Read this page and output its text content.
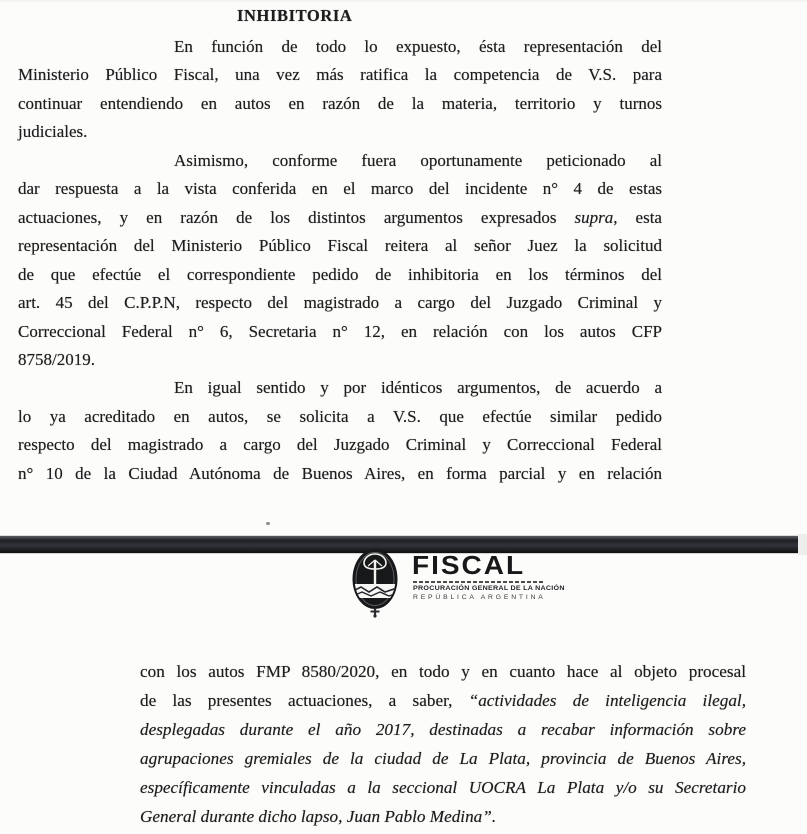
INHIBITORIA
En función de todo lo expuesto, ésta representación del
Ministerio Público Fiscal, una vez más ratifica la competencia de V.S. para
continuar entendiendo en autos en razón de la materia, territorio y turnos
judiciales.
Asimismo, conforme fuera oportunamente peticionado al
dar respuesta a la vista conferida en el marco del incidente n° 4 de estas
actuaciones, y en razón de los distintos argumentos expresados supra, esta
representación del Ministerio Público Fiscal reitera al señor Juez la solicitud
de que efectúe el correspondiente pedido de inhibitoria en los términos del
art. 45 del C.P.P.N, respecto del magistrado a cargo del Juzgado Criminal y
Correccional Federal n° 6, Secretaria n° 12, en relación con los autos CFP
8758/2019.
En igual sentido y por idénticos argumentos, de acuerdo a
lo ya acreditado en autos, se solicita a V.S. que efectúe similar pedido
respecto del magistrado a cargo del Juzgado Criminal y Correccional Federal
n° 10 de la Ciudad Autónoma de Buenos Aires, en forma parcial y en relación
FISCAL
PROCURACIÓN GENERAL DE LA NACIÓN
REPÚBLICA ARGENTINA
con los autos FMP 8580/2020, en todo y en cuanto hace al objeto procesal
de las presentes actuaciones, a saber, “actividades de inteligencia ilegal,
desplegadas durante el año 2017, destinadas a recabar información sobre
agrupaciones gremiales de la ciudad de La Plata, provincia de Buenos Aires,
específicamente vinculadas a la seccional UOCRA La Plata y/o su Secretario
General durante dicho lapso, Juan Pablo Medina”.
